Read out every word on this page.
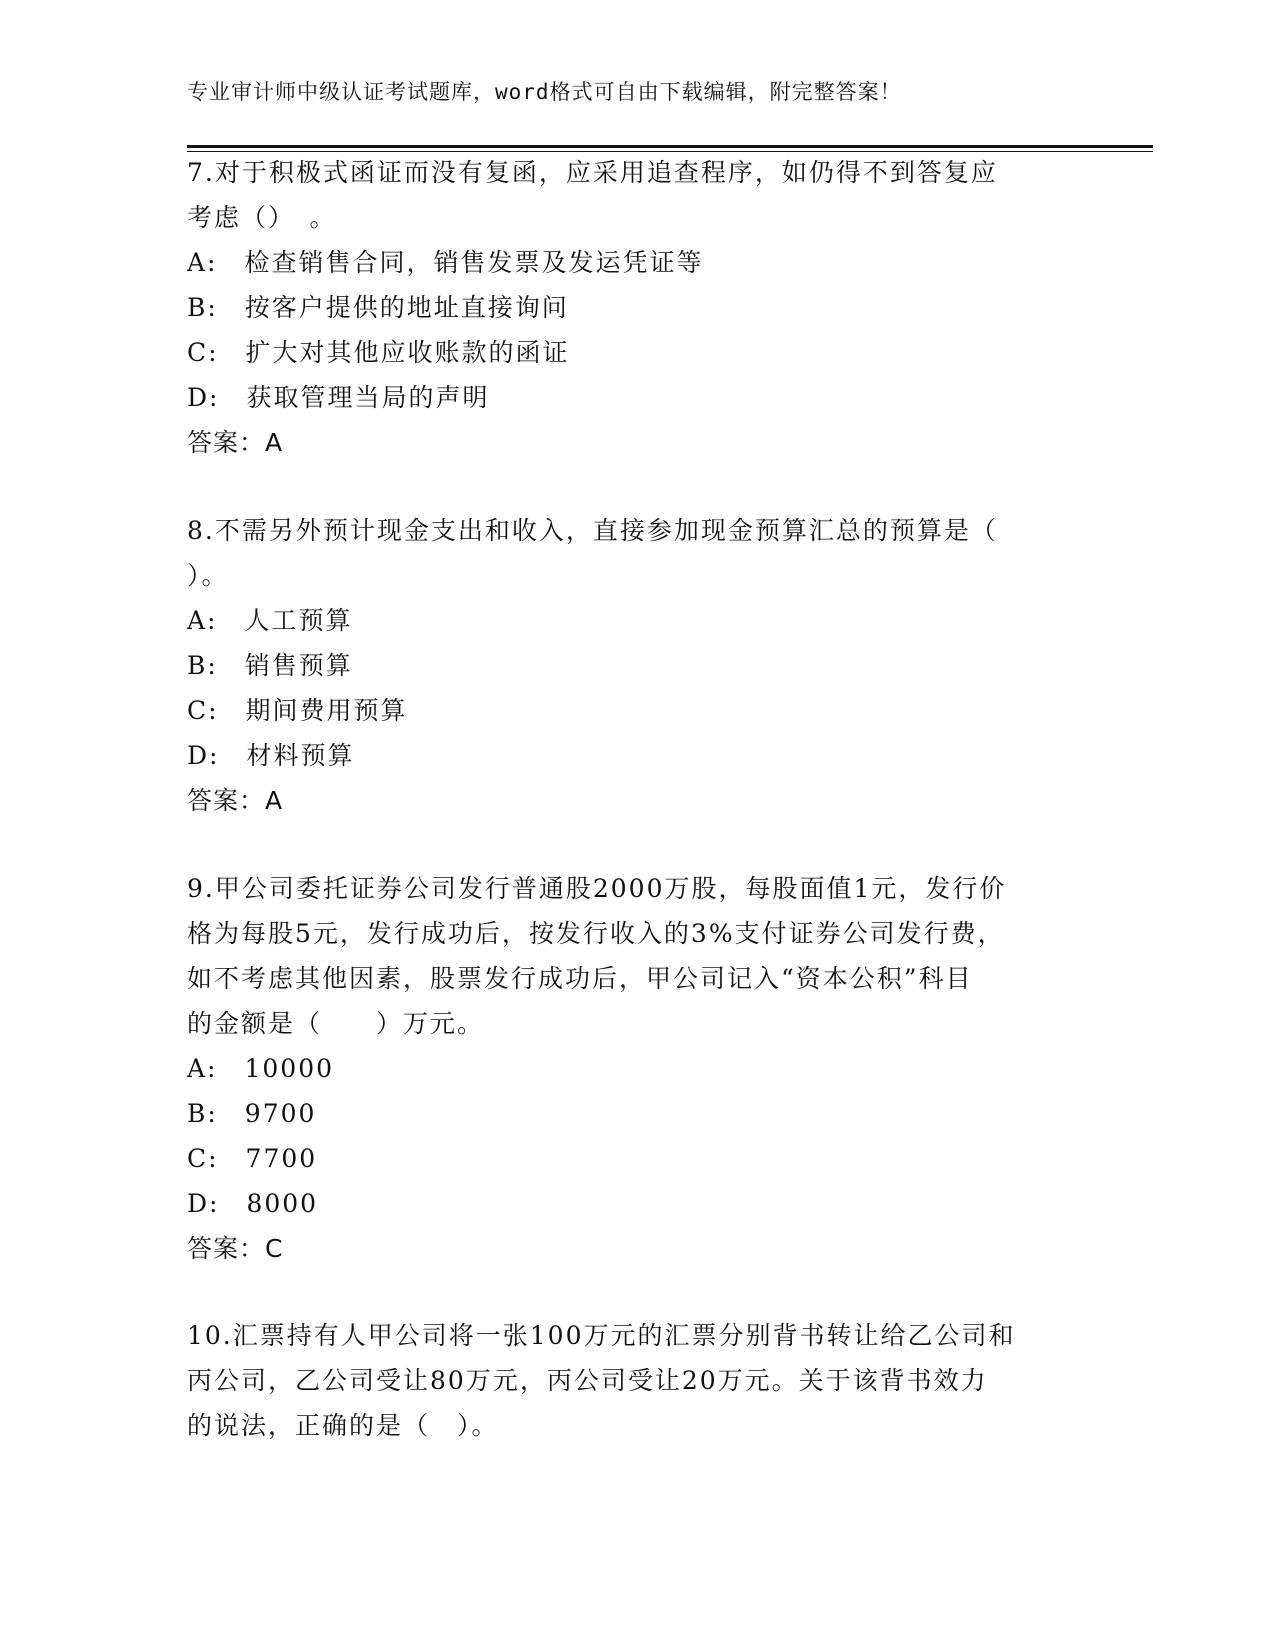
专业审计师中级认证考试题库，word格式可自由下载编辑，附完整答案！
7.对于积极式函证而没有复函，应采用追查程序，如仍得不到答复应
考虑（）　。
A:　检查销售合同，销售发票及发运凭证等
B:　按客户提供的地址直接询问
C:　扩大对其他应收账款的函证
D:　获取管理当局的声明
答案：A
8.不需另外预计现金支出和收入，直接参加现金预算汇总的预算是（
）。
A:　人工预算
B:　销售预算
C:　期间费用预算
D:　材料预算
答案：A
9.甲公司委托证券公司发行普通股2000万股，每股面值1元，发行价
格为每股5元，发行成功后，按发行收入的3%支付证券公司发行费，
如不考虑其他因素，股票发行成功后，甲公司记入“资本公积”科目
的金额是（　　）万元。
A:　10000
B:　9700
C:　7700
D:　8000
答案：C
10.汇票持有人甲公司将一张100万元的汇票分别背书转让给乙公司和
丙公司，乙公司受让80万元，丙公司受让20万元。关于该背书效力
的说法，正确的是（　）。
